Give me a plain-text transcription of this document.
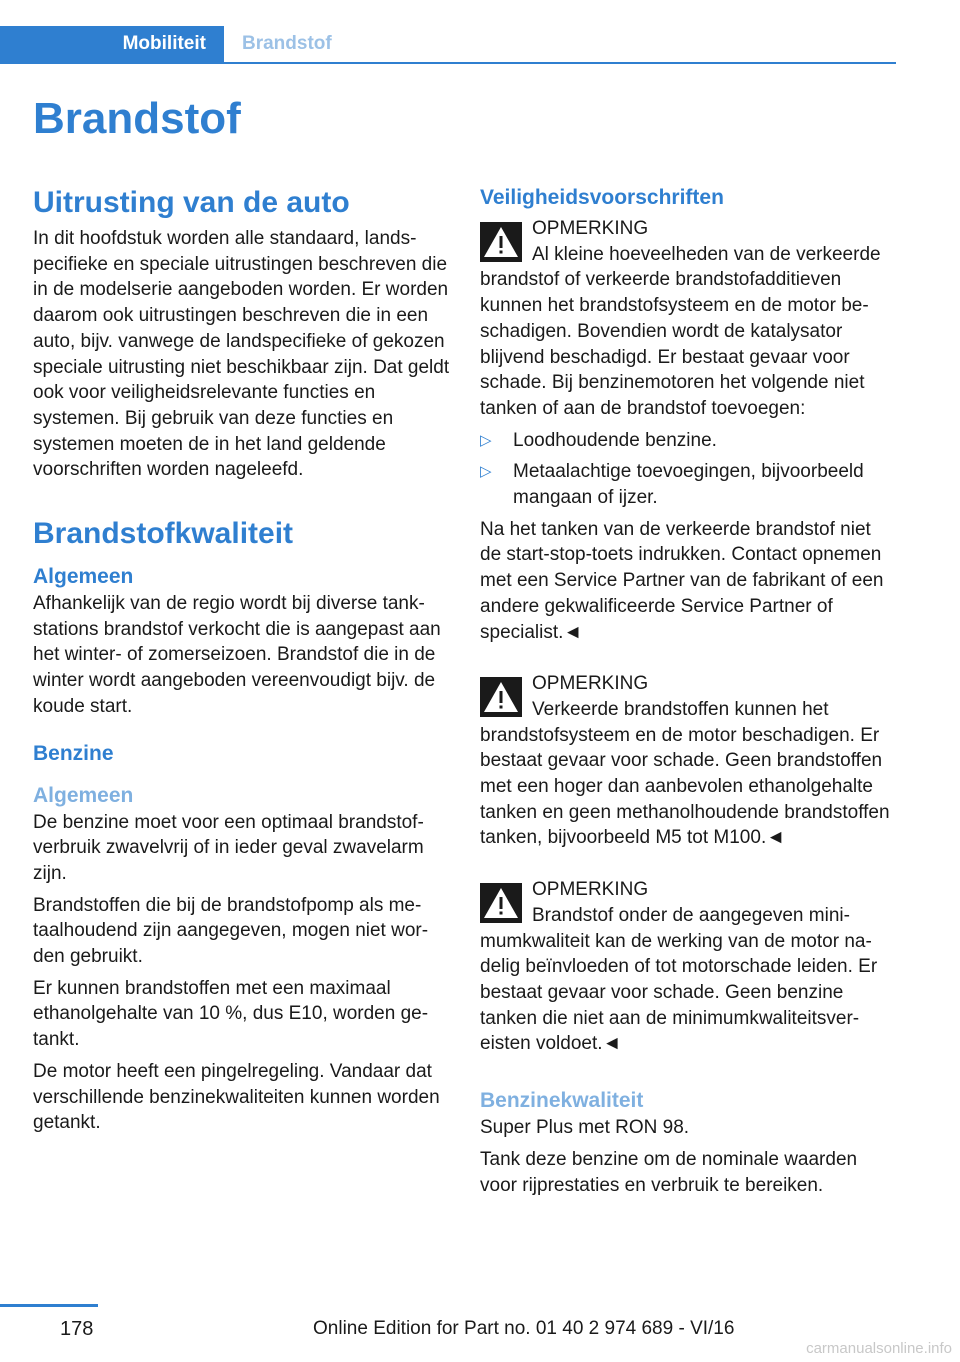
Mobiliteit	Brandstof
Brandstof
Uitrusting van de auto

In dit hoofdstuk worden alle standaard, landspecifieke en speciale uitrustingen beschreven die in de modelserie aangeboden worden. Er worden daarom ook uitrustingen beschreven die in een auto, bijv. vanwege de landspecifieke of gekozen speciale uitrusting niet beschikbaar zijn. Dat geldt ook voor veiligheidsrelevante functies en systemen. Bij gebruik van deze functies en systemen moeten de in het land geldende voorschriften worden nageleefd.

Brandstofkwaliteit
Algemeen

Afhankelijk van de regio wordt bij diverse tankstations brandstof verkocht die is aangepast aan het winter- of zomerseizoen. Brandstof die in de winter wordt aangeboden vereenvoudigt bijv. de koude start.

Benzine
Algemeen

De benzine moet voor een optimaal brandstofverbruik zwavelvrij of in ieder geval zwavelarm zijn.

Brandstoffen die bij de brandstofpomp als metaalhoudend zijn aangegeven, mogen niet worden gebruikt.

Er kunnen brandstoffen met een maximaal ethanolgehalte van 10 %, dus E10, worden getankt.

De motor heeft een pingelregeling. Vandaar dat verschillende benzinekwaliteiten kunnen worden getankt.

Veiligheidsvoorschriften
OPMERKING
Al kleine hoeveelheden van de verkeerde brandstof of verkeerde brandstofadditieven kunnen het brandstofsysteem en de motor beschadigen. Bovendien wordt de katalysator blijvend beschadigd. Er bestaat gevaar voor schade. Bij benzinemotoren het volgende niet tanken of aan de brandstof toevoegen:
▷ Loodhoudende benzine.
▷ Metaalachtige toevoegingen, bijvoorbeeld mangaan of ijzer.

Na het tanken van de verkeerde brandstof niet de start-stop-toets indrukken. Contact opnemen met een Service Partner van de fabrikant of een andere gekwalificeerde Service Partner of specialist.◄

OPMERKING
Verkeerde brandstoffen kunnen het brandstofsysteem en de motor beschadigen. Er bestaat gevaar voor schade. Geen brandstoffen met een hoger dan aanbevolen ethanolgehalte tanken en geen methanolhoudende brandstoffen tanken, bijvoorbeeld M5 tot M100.◄
OPMERKING
Brandstof onder de aangegeven minimumkwaliteit kan de werking van de motor nadelig beïnvloeden of tot motorschade leiden. Er bestaat gevaar voor schade. Geen benzine tanken die niet aan de minimumkwaliteitsvereisten voldoet.◄
Benzinekwaliteit

Super Plus met RON 98.

Tank deze benzine om de nominale waarden voor rijprestaties en verbruik te bereiken.

178	Online Edition for Part no. 01 40 2 974 689 - VI/16
carmanualsonline.info
